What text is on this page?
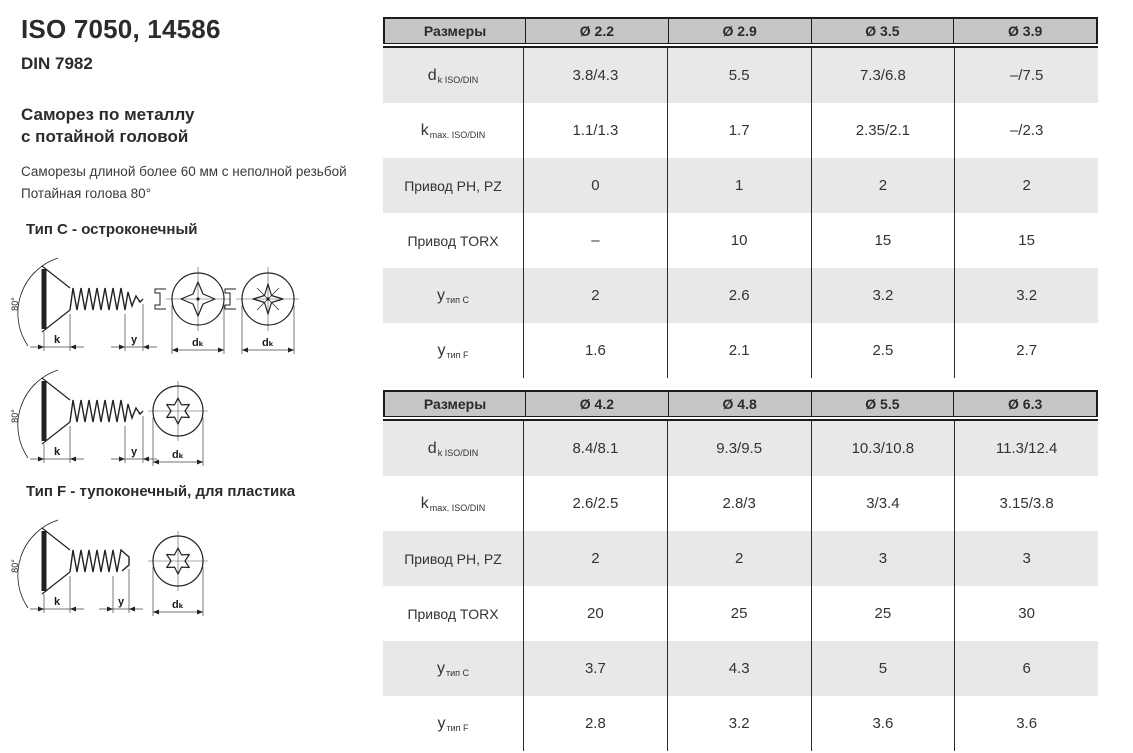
ISO 7050, 14586
DIN 7982
Саморез по металлу
с потайной головой
Саморезы длиной более 60 мм с неполной резьбой
Потайная голова 80°
Тип C - остроконечный
80°
k	y	dₖ	dₖ
80°
k	y	dₖ
Тип F - тупоконечный, для пластика
80°
k	y	dₖ
Размеры	Ø 2.2	Ø 2.9	Ø 3.5	Ø 3.9
d k ISO/DIN	3.8/4.3	5.5	7.3/6.8	–/7.5
k max. ISO/DIN	1.1/1.3	1.7	2.35/2.1	–/2.3
Привод PH, PZ	0	1	2	2
Привод TORX	–	10	15	15
y тип C	2	2.6	3.2	3.2
y тип F	1.6	2.1	2.5	2.7
Размеры	Ø 4.2	Ø 4.8	Ø 5.5	Ø 6.3
d k ISO/DIN	8.4/8.1	9.3/9.5	10.3/10.8	11.3/12.4
k max. ISO/DIN	2.6/2.5	2.8/3	3/3.4	3.15/3.8
Привод PH, PZ	2	2	3	3
Привод TORX	20	25	25	30
y тип C	3.7	4.3	5	6
y тип F	2.8	3.2	3.6	3.6
